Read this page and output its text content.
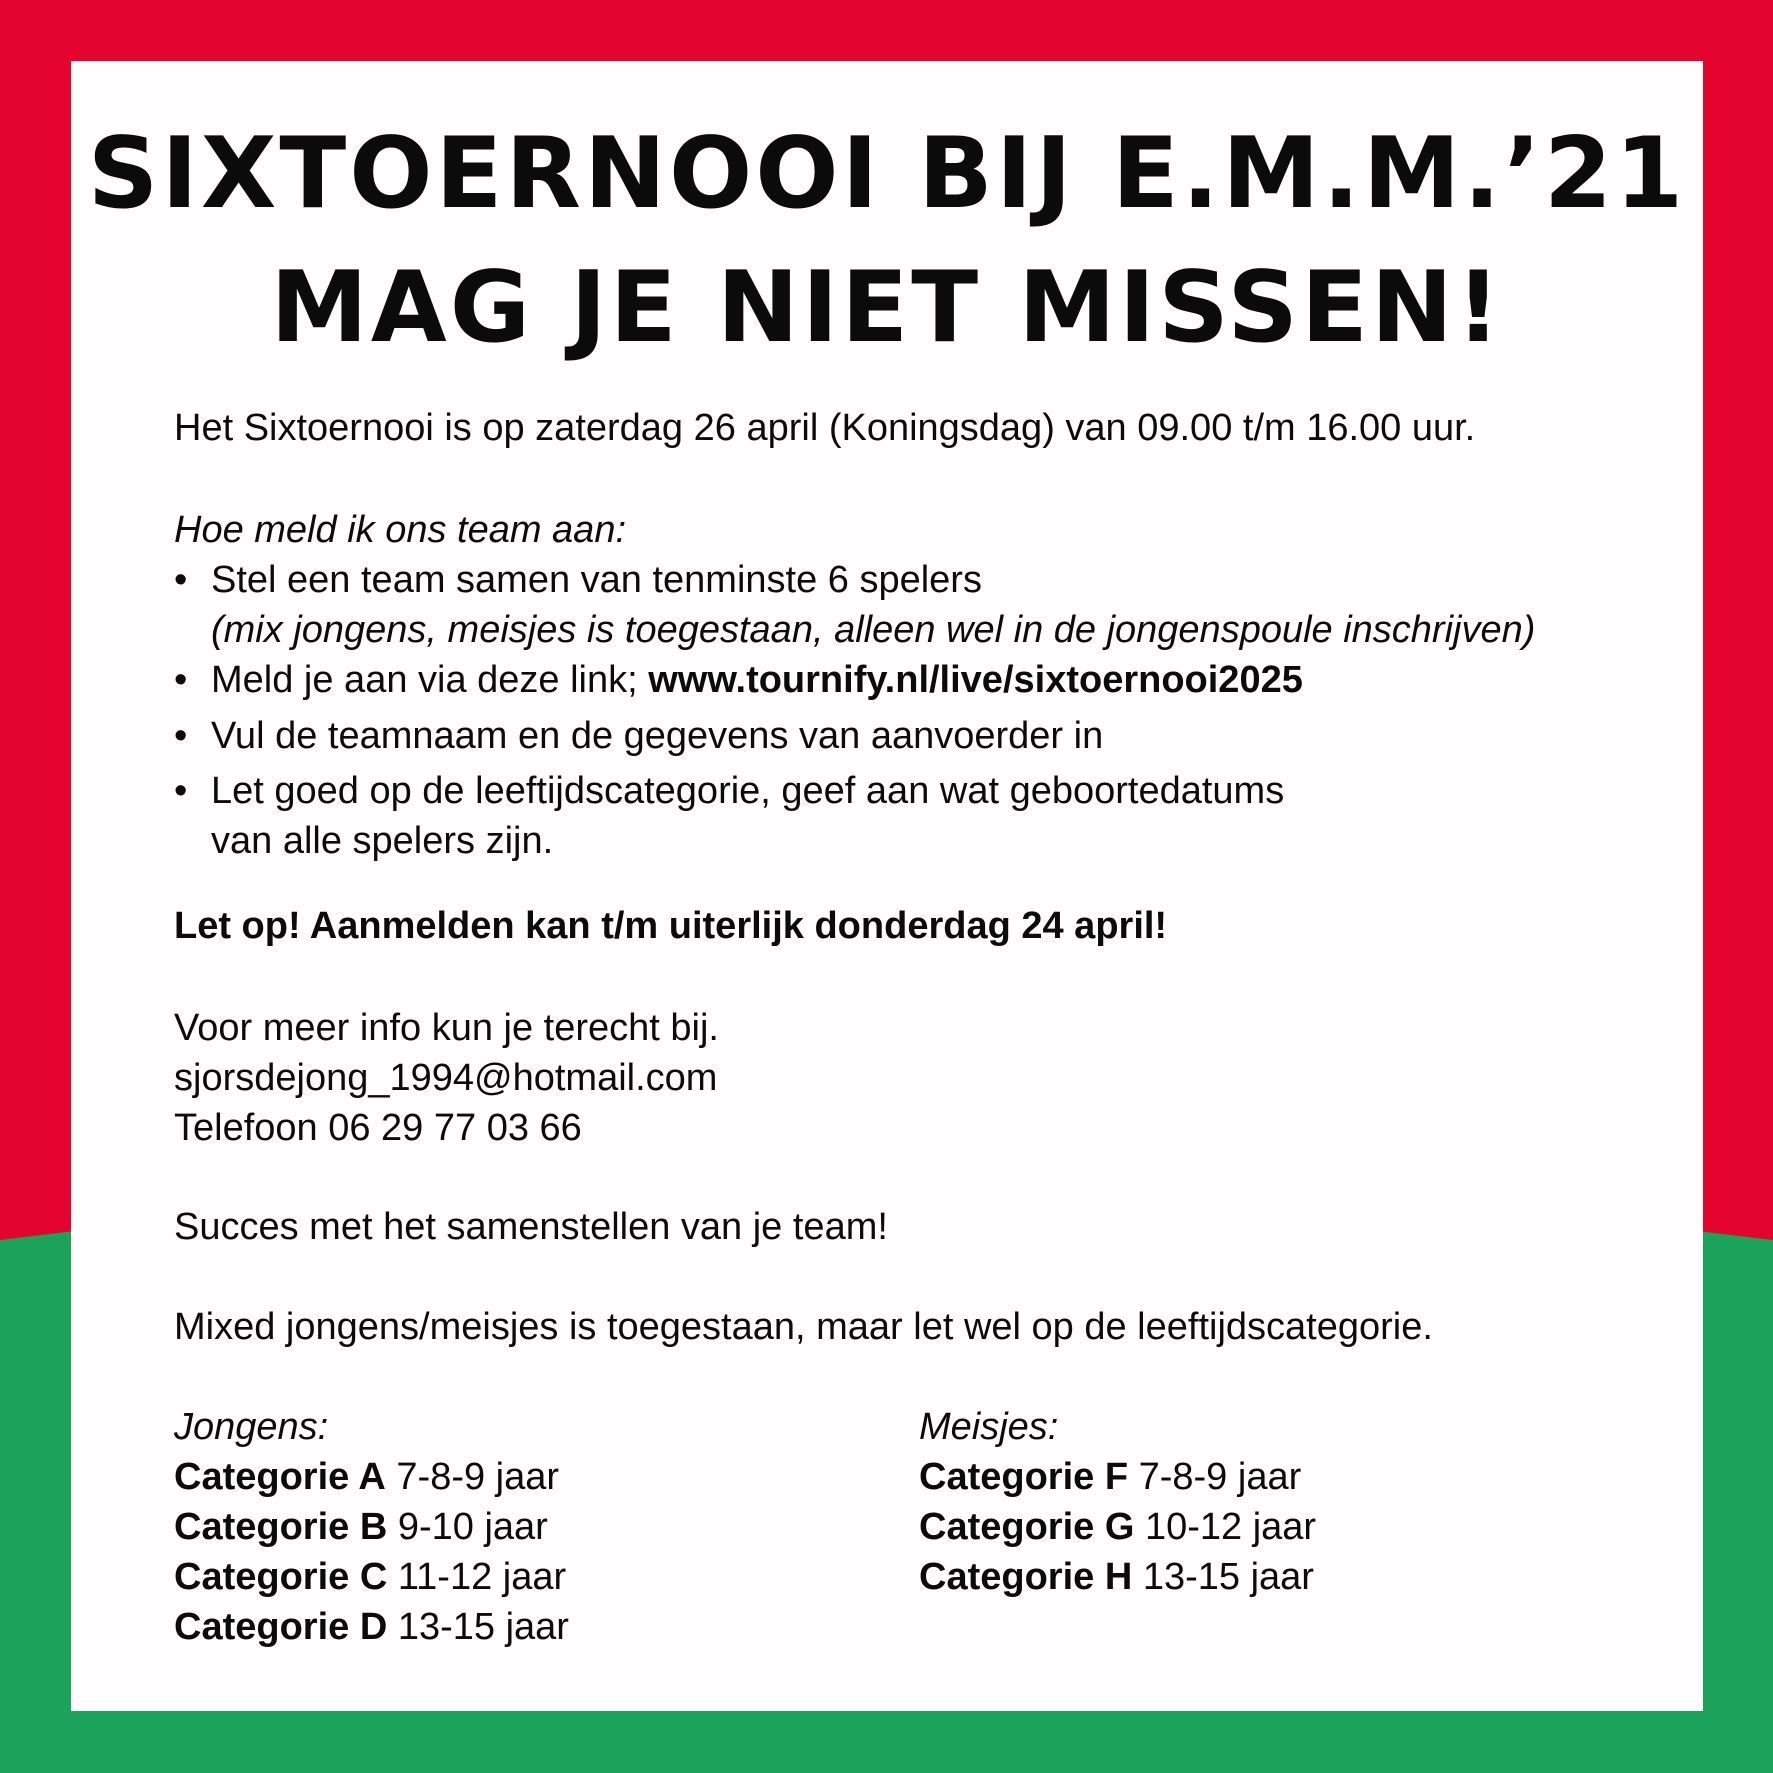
SIXTOERNOOI BIJ E.M.M.’21
MAG JE NIET MISSEN!
Het Sixtoernooi is op zaterdag 26 april (Koningsdag) van 09.00 t/m 16.00 uur.
Hoe meld ik ons team aan:
• Stel een team samen van tenminste 6 spelers
(mix jongens, meisjes is toegestaan, alleen wel in de jongenspoule inschrijven)
• Meld je aan via deze link; www.tournify.nl/live/sixtoernooi2025
• Vul de teamnaam en de gegevens van aanvoerder in
• Let goed op de leeftijdscategorie, geef aan wat geboortedatums
van alle spelers zijn.
Let op! Aanmelden kan t/m uiterlijk donderdag 24 april!
Voor meer info kun je terecht bij.
sjorsdejong_1994@hotmail.com
Telefoon 06 29 77 03 66
Succes met het samenstellen van je team!
Mixed jongens/meisjes is toegestaan, maar let wel op de leeftijdscategorie.
Jongens:
Categorie A 7-8-9 jaar
Categorie B 9-10 jaar
Categorie C 11-12 jaar
Categorie D 13-15 jaar
Meisjes:
Categorie F 7-8-9 jaar
Categorie G 10-12 jaar
Categorie H 13-15 jaar
